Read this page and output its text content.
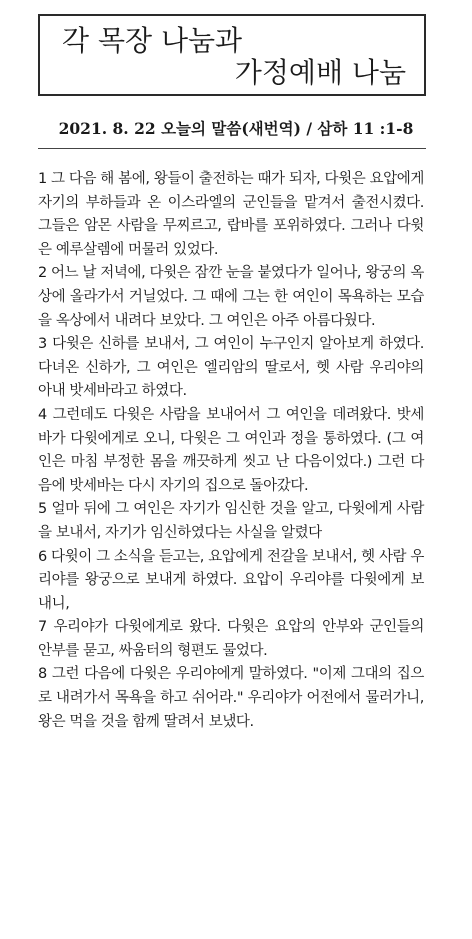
각 목장 나눔과
가정예배 나눔
2021. 8. 22 오늘의 말씀(새번역) / 삼하 11 :1-8

1 그 다음 해 봄에, 왕들이 출전하는 때가 되자, 다윗은 요압에게 자기의 부하들과 온 이스라엘의 군인들을 맡겨서 출전시켰다. 그들은 암몬 사람을 무찌르고, 랍바를 포위하였다. 그러나 다윗은 예루살렘에 머물러 있었다.

2 어느 날 저녁에, 다윗은 잠깐 눈을 붙였다가 일어나, 왕궁의 옥상에 올라가서 거닐었다. 그 때에 그는 한 여인이 목욕하는 모습을 옥상에서 내려다 보았다. 그 여인은 아주 아름다웠다.

3 다윗은 신하를 보내서, 그 여인이 누구인지 알아보게 하였다. 다녀온 신하가, 그 여인은 엘리암의 딸로서, 헷 사람 우리야의 아내 밧세바라고 하였다.

4 그런데도 다윗은 사람을 보내어서 그 여인을 데려왔다. 밧세바가 다윗에게로 오니, 다윗은 그 여인과 정을 통하였다. (그 여인은 마침 부정한 몸을 깨끗하게 씻고 난 다음이었다.) 그런 다음에 밧세바는 다시 자기의 집으로 돌아갔다.

5 얼마 뒤에 그 여인은 자기가 임신한 것을 알고, 다윗에게 사람을 보내서, 자기가 임신하였다는 사실을 알렸다

6 다윗이 그 소식을 듣고는, 요압에게 전갈을 보내서, 헷 사람 우리야를 왕궁으로 보내게 하였다. 요압이 우리야를 다윗에게 보내니,

7 우리야가 다윗에게로 왔다. 다윗은 요압의 안부와 군인들의 안부를 묻고, 싸움터의 형편도 물었다.

8 그런 다음에 다윗은 우리야에게 말하였다. "이제 그대의 집으로 내려가서 목욕을 하고 쉬어라." 우리야가 어전에서 물러가니, 왕은 먹을 것을 함께 딸려서 보냈다.
